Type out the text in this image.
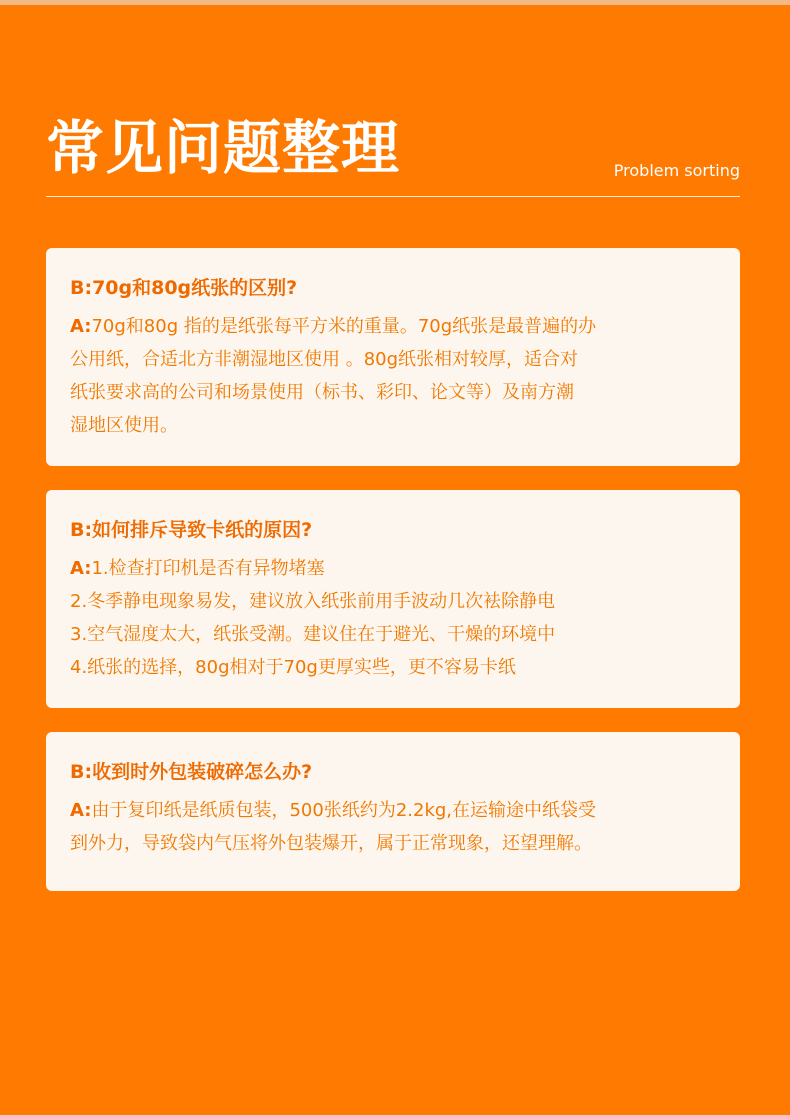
常见问题整理	Problem sorting

B:70g和80g纸张的区别?

A:70g和80g 指的是纸张每平方米的重量。70g纸张是最普遍的办
公用纸，合适北方非潮湿地区使用 。80g纸张相对较厚，适合对
纸张要求高的公司和场景使用（标书、彩印、论文等）及南方潮
湿地区使用。

B:如何排斥导致卡纸的原因?

A:1.检查打印机是否有异物堵塞
2.冬季静电现象易发，建议放入纸张前用手波动几次袪除静电
3.空气湿度太大，纸张受潮。建议住在于避光、干燥的环境中
4.纸张的选择，80g相对于70g更厚实些，更不容易卡纸

B:收到时外包装破碎怎么办?

A:由于复印纸是纸质包装，500张纸约为2.2kg,在运输途中纸袋受
到外力，导致袋内气压将外包装爆开，属于正常现象，还望理解。
